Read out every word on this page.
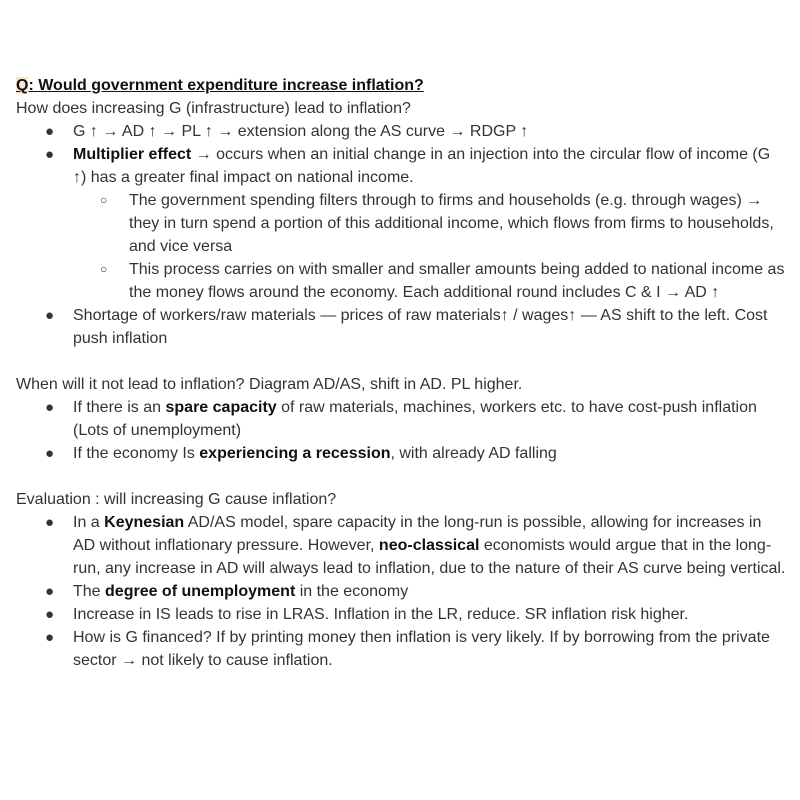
Q: Would government expenditure increase inflation?

How does increasing G (infrastructure) lead to inflation?

● G ↑ → AD ↑ → PL ↑ → extension along the AS curve → RDGP ↑
● Multiplier effect → occurs when an initial change in an injection into the circular flow of income (G ↑) has a greater final impact on national income.
○ The government spending filters through to firms and households (e.g. through wages) → they in turn spend a portion of this additional income, which flows from firms to households, and vice versa
○ This process carries on with smaller and smaller amounts being added to national income as the money flows around the economy. Each additional round includes C & I → AD ↑
● Shortage of workers/raw materials — prices of raw materials↑ / wages↑ — AS shift to the left. Cost push inflation

When will it not lead to inflation? Diagram AD/AS, shift in AD. PL higher.

● If there is an spare capacity of raw materials, machines, workers etc. to have cost-push inflation (Lots of unemployment)
● If the economy Is experiencing a recession, with already AD falling

Evaluation : will increasing G cause inflation?

● In a Keynesian AD/AS model, spare capacity in the long-run is possible, allowing for increases in AD without inflationary pressure. However, neo-classical economists would argue that in the long-run, any increase in AD will always lead to inflation, due to the nature of their AS curve being vertical.
● The degree of unemployment in the economy
● Increase in IS leads to rise in LRAS. Inflation in the LR, reduce. SR inflation risk higher.
● How is G financed? If by printing money then inflation is very likely. If by borrowing from the private sector → not likely to cause inflation.
